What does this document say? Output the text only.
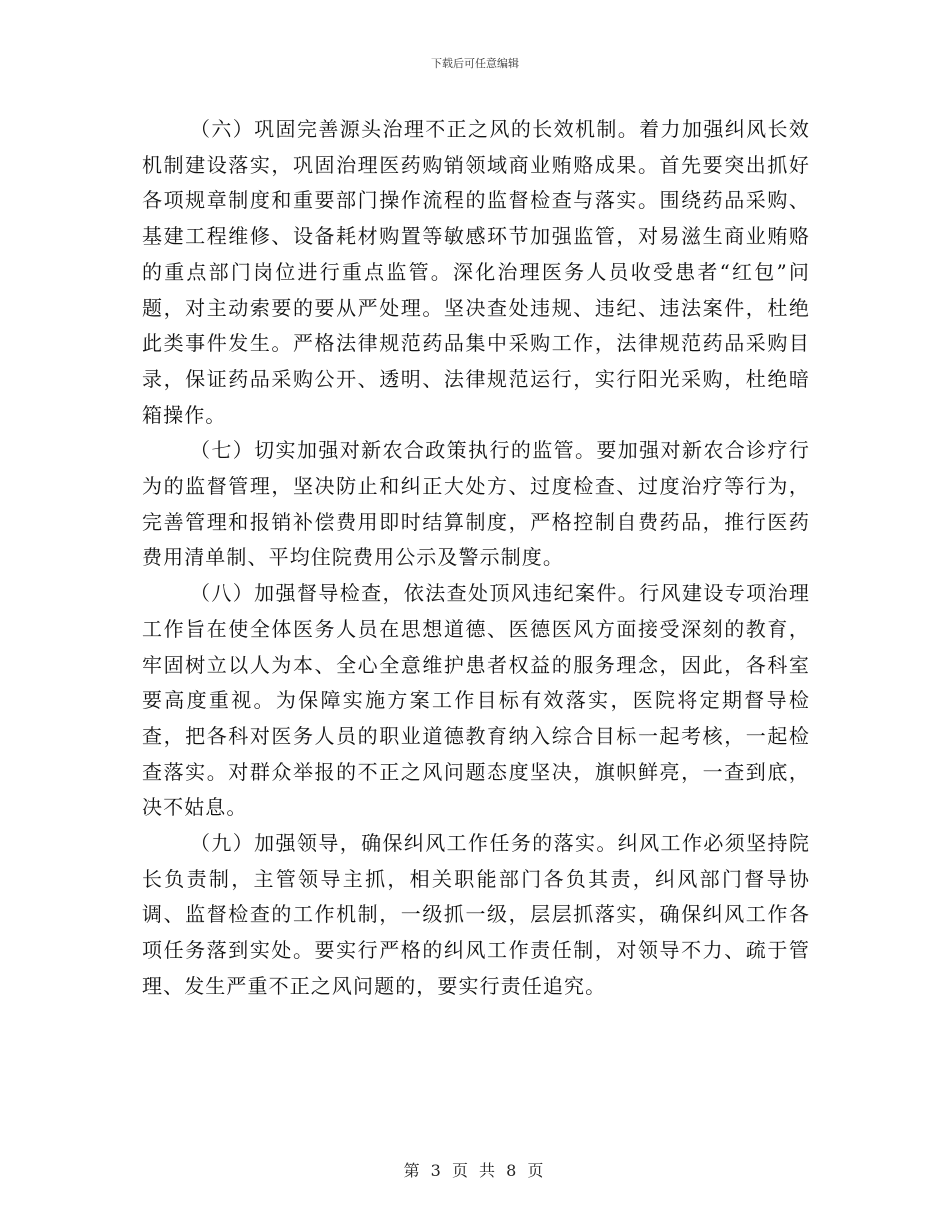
下载后可任意编辑

（六）巩固完善源头治理不正之风的长效机制。着力加强纠风长效机制建设落实，巩固治理医药购销领域商业贿赂成果。首先要突出抓好各项规章制度和重要部门操作流程的监督检查与落实。围绕药品采购、基建工程维修、设备耗材购置等敏感环节加强监管，对易滋生商业贿赂的重点部门岗位进行重点监管。深化治理医务人员收受患者“红包”问题，对主动索要的要从严处理。坚决查处违规、违纪、违法案件，杜绝此类事件发生。严格法律规范药品集中采购工作，法律规范药品采购目录，保证药品采购公开、透明、法律规范运行，实行阳光采购，杜绝暗箱操作。

（七）切实加强对新农合政策执行的监管。要加强对新农合诊疗行为的监督管理，坚决防止和纠正大处方、过度检查、过度治疗等行为，完善管理和报销补偿费用即时结算制度，严格控制自费药品，推行医药费用清单制、平均住院费用公示及警示制度。

（八）加强督导检查，依法查处顶风违纪案件。行风建设专项治理工作旨在使全体医务人员在思想道德、医德医风方面接受深刻的教育，牢固树立以人为本、全心全意维护患者权益的服务理念，因此，各科室要高度重视。为保障实施方案工作目标有效落实，医院将定期督导检查，把各科对医务人员的职业道德教育纳入综合目标一起考核，一起检查落实。对群众举报的不正之风问题态度坚决，旗帜鲜亮，一查到底，决不姑息。

（九）加强领导，确保纠风工作任务的落实。纠风工作必须坚持院长负责制，主管领导主抓，相关职能部门各负其责，纠风部门督导协调、监督检查的工作机制，一级抓一级，层层抓落实，确保纠风工作各项任务落到实处。要实行严格的纠风工作责任制，对领导不力、疏于管理、发生严重不正之风问题的，要实行责任追究。

第 3 页 共 8 页
